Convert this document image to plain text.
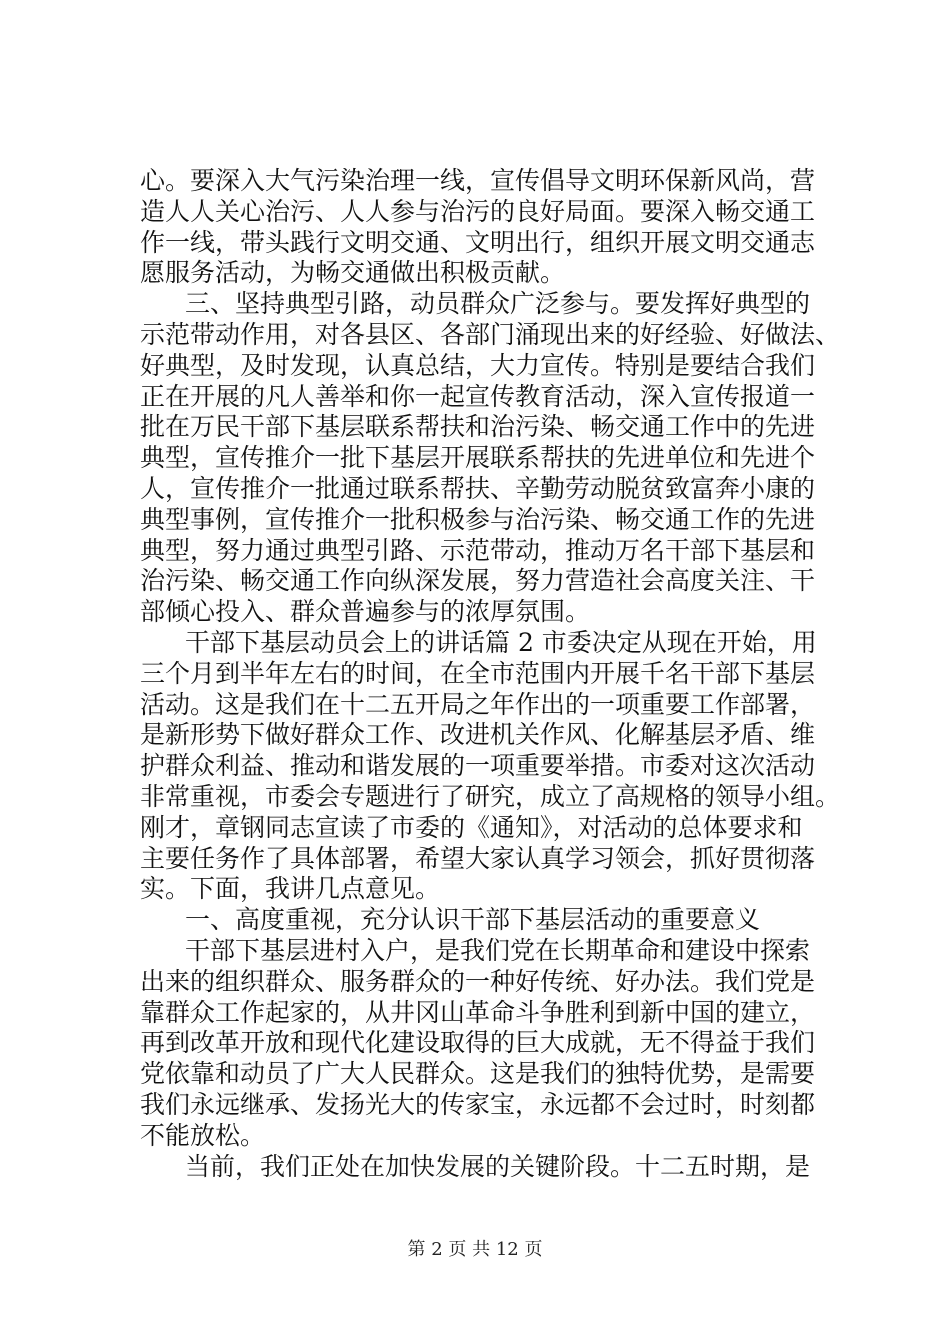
心。要深入大气污染治理一线，宣传倡导文明环保新风尚，营
造人人关心治污、人人参与治污的良好局面。要深入畅交通工
作一线，带头践行文明交通、文明出行，组织开展文明交通志
愿服务活动，为畅交通做出积极贡献。
三、坚持典型引路，动员群众广泛参与。要发挥好典型的
示范带动作用，对各县区、各部门涌现出来的好经验、好做法、
好典型，及时发现，认真总结，大力宣传。特别是要结合我们
正在开展的凡人善举和你一起宣传教育活动，深入宣传报道一
批在万民干部下基层联系帮扶和治污染、畅交通工作中的先进
典型，宣传推介一批下基层开展联系帮扶的先进单位和先进个
人，宣传推介一批通过联系帮扶、辛勤劳动脱贫致富奔小康的
典型事例，宣传推介一批积极参与治污染、畅交通工作的先进
典型，努力通过典型引路、示范带动，推动万名干部下基层和
治污染、畅交通工作向纵深发展，努力营造社会高度关注、干
部倾心投入、群众普遍参与的浓厚氛围。
干部下基层动员会上的讲话篇 2 市委决定从现在开始，用
三个月到半年左右的时间，在全市范围内开展千名干部下基层
活动。这是我们在十二五开局之年作出的一项重要工作部署，
是新形势下做好群众工作、改进机关作风、化解基层矛盾、维
护群众利益、推动和谐发展的一项重要举措。市委对这次活动
非常重视，市委会专题进行了研究，成立了高规格的领导小组。
刚才，章钢同志宣读了市委的《通知》，对活动的总体要求和
主要任务作了具体部署，希望大家认真学习领会，抓好贯彻落
实。下面，我讲几点意见。
一、高度重视，充分认识干部下基层活动的重要意义
干部下基层进村入户，是我们党在长期革命和建设中探索
出来的组织群众、服务群众的一种好传统、好办法。我们党是
靠群众工作起家的，从井冈山革命斗争胜利到新中国的建立，
再到改革开放和现代化建设取得的巨大成就，无不得益于我们
党依靠和动员了广大人民群众。这是我们的独特优势，是需要
我们永远继承、发扬光大的传家宝，永远都不会过时，时刻都
不能放松。
当前，我们正处在加快发展的关键阶段。十二五时期，是
第 2 页 共 12 页
